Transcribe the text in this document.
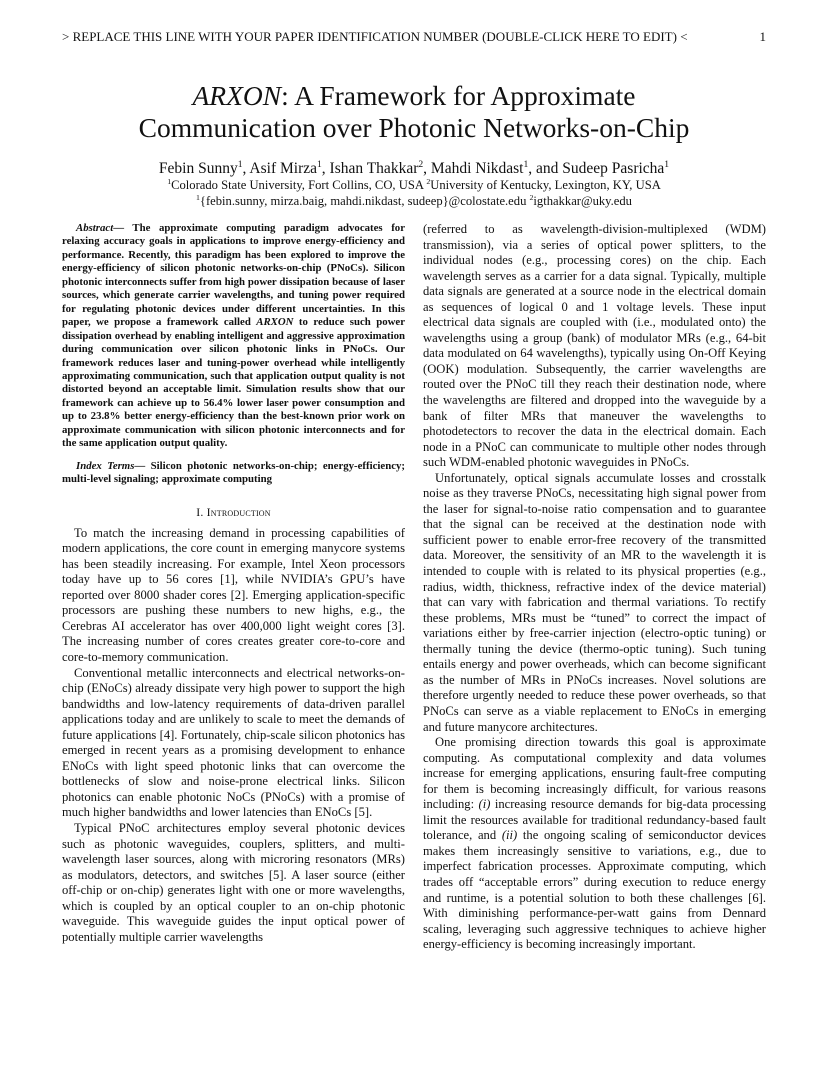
> REPLACE THIS LINE WITH YOUR PAPER IDENTIFICATION NUMBER (DOUBLE-CLICK HERE TO EDIT) <	1
ARXON: A Framework for Approximate
Communication over Photonic Networks-on-Chip
Febin Sunny$^1$, Asif Mirza$^1$, Ishan Thakkar$^2$, Mahdi Nikdast$^1$, and Sudeep Pasricha$^1$
$^1$Colorado State University, Fort Collins, CO, USA $^2$University of Kentucky, Lexington, KY, USA
$^1${febin.sunny, mirza.baig, mahdi.nikdast, sudeep}@colostate.edu $^2$igthakkar@uky.edu

Abstract— The approximate computing paradigm advocates for relaxing accuracy goals in applications to improve energy-efficiency and performance. Recently, this paradigm has been explored to improve the energy-efficiency of silicon photonic networks-on-chip (PNoCs). Silicon photonic interconnects suffer from high power dissipation because of laser sources, which generate carrier wavelengths, and tuning power required for regulating photonic devices under different uncertainties. In this paper, we propose a framework called ARXON to reduce such power dissipation overhead by enabling intelligent and aggressive approximation during communication over silicon photonic links in PNoCs. Our framework reduces laser and tuning-power overhead while intelligently approximating communication, such that application output quality is not distorted beyond an acceptable limit. Simulation results show that our framework can achieve up to 56.4% lower laser power consumption and up to 23.8% better energy-efficiency than the best-known prior work on approximate communication with silicon photonic interconnects and for the same application output quality.

Index Terms— Silicon photonic networks-on-chip; energy-efficiency; multi-level signaling; approximate computing

I. Introduction

To match the increasing demand in processing capabilities of modern applications, the core count in emerging manycore systems has been steadily increasing. For example, Intel Xeon processors today have up to 56 cores [1], while NVIDIA’s GPU’s have reported over 8000 shader cores [2]. Emerging application-specific processors are pushing these numbers to new highs, e.g., the Cerebras AI accelerator has over 400,000 light weight cores [3]. The increasing number of cores creates greater core-to-core and core-to-memory communication.

Conventional metallic interconnects and electrical networks-on-chip (ENoCs) already dissipate very high power to support the high bandwidths and low-latency requirements of data-driven parallel applications today and are unlikely to scale to meet the demands of future applications [4]. Fortunately, chip-scale silicon photonics has emerged in recent years as a promising development to enhance ENoCs with light speed photonic links that can overcome the bottlenecks of slow and noise-prone electrical links. Silicon photonics can enable photonic NoCs (PNoCs) with a promise of much higher bandwidths and lower latencies than ENoCs [5].

Typical PNoC architectures employ several photonic devices such as photonic waveguides, couplers, splitters, and multi-wavelength laser sources, along with microring resonators (MRs) as modulators, detectors, and switches [5]. A laser source (either off-chip or on-chip) generates light with one or more wavelengths, which is coupled by an optical coupler to an on-chip photonic waveguide. This waveguide guides the input optical power of potentially multiple carrier wavelengths

(referred to as wavelength-division-multiplexed (WDM) transmission), via a series of optical power splitters, to the individual nodes (e.g., processing cores) on the chip. Each wavelength serves as a carrier for a data signal. Typically, multiple data signals are generated at a source node in the electrical domain as sequences of logical 0 and 1 voltage levels. These input electrical data signals are coupled with (i.e., modulated onto) the wavelengths using a group (bank) of modulator MRs (e.g., 64-bit data modulated on 64 wavelengths), typically using On-Off Keying (OOK) modulation. Subsequently, the carrier wavelengths are routed over the PNoC till they reach their destination node, where the wavelengths are filtered and dropped into the waveguide by a bank of filter MRs that maneuver the wavelengths to photodetectors to recover the data in the electrical domain. Each node in a PNoC can communicate to multiple other nodes through such WDM-enabled photonic waveguides in PNoCs.

Unfortunately, optical signals accumulate losses and crosstalk noise as they traverse PNoCs, necessitating high signal power from the laser for signal-to-noise ratio compensation and to guarantee that the signal can be received at the destination node with sufficient power to enable error-free recovery of the transmitted data. Moreover, the sensitivity of an MR to the wavelength it is intended to couple with is related to its physical properties (e.g., radius, width, thickness, refractive index of the device material) that can vary with fabrication and thermal variations. To rectify these problems, MRs must be “tuned” to correct the impact of variations either by free-carrier injection (electro-optic tuning) or thermally tuning the device (thermo-optic tuning). Such tuning entails energy and power overheads, which can become significant as the number of MRs in PNoCs increases. Novel solutions are therefore urgently needed to reduce these power overheads, so that PNoCs can serve as a viable replacement to ENoCs in emerging and future manycore architectures.

One promising direction towards this goal is approximate computing. As computational complexity and data volumes increase for emerging applications, ensuring fault-free computing for them is becoming increasingly difficult, for various reasons including: (i) increasing resource demands for big-data processing limit the resources available for traditional redundancy-based fault tolerance, and (ii) the ongoing scaling of semiconductor devices makes them increasingly sensitive to variations, e.g., due to imperfect fabrication processes. Approximate computing, which trades off “acceptable errors” during execution to reduce energy and runtime, is a potential solution to both these challenges [6]. With diminishing performance-per-watt gains from Dennard scaling, leveraging such aggressive techniques to achieve higher energy-efficiency is becoming increasingly important.
